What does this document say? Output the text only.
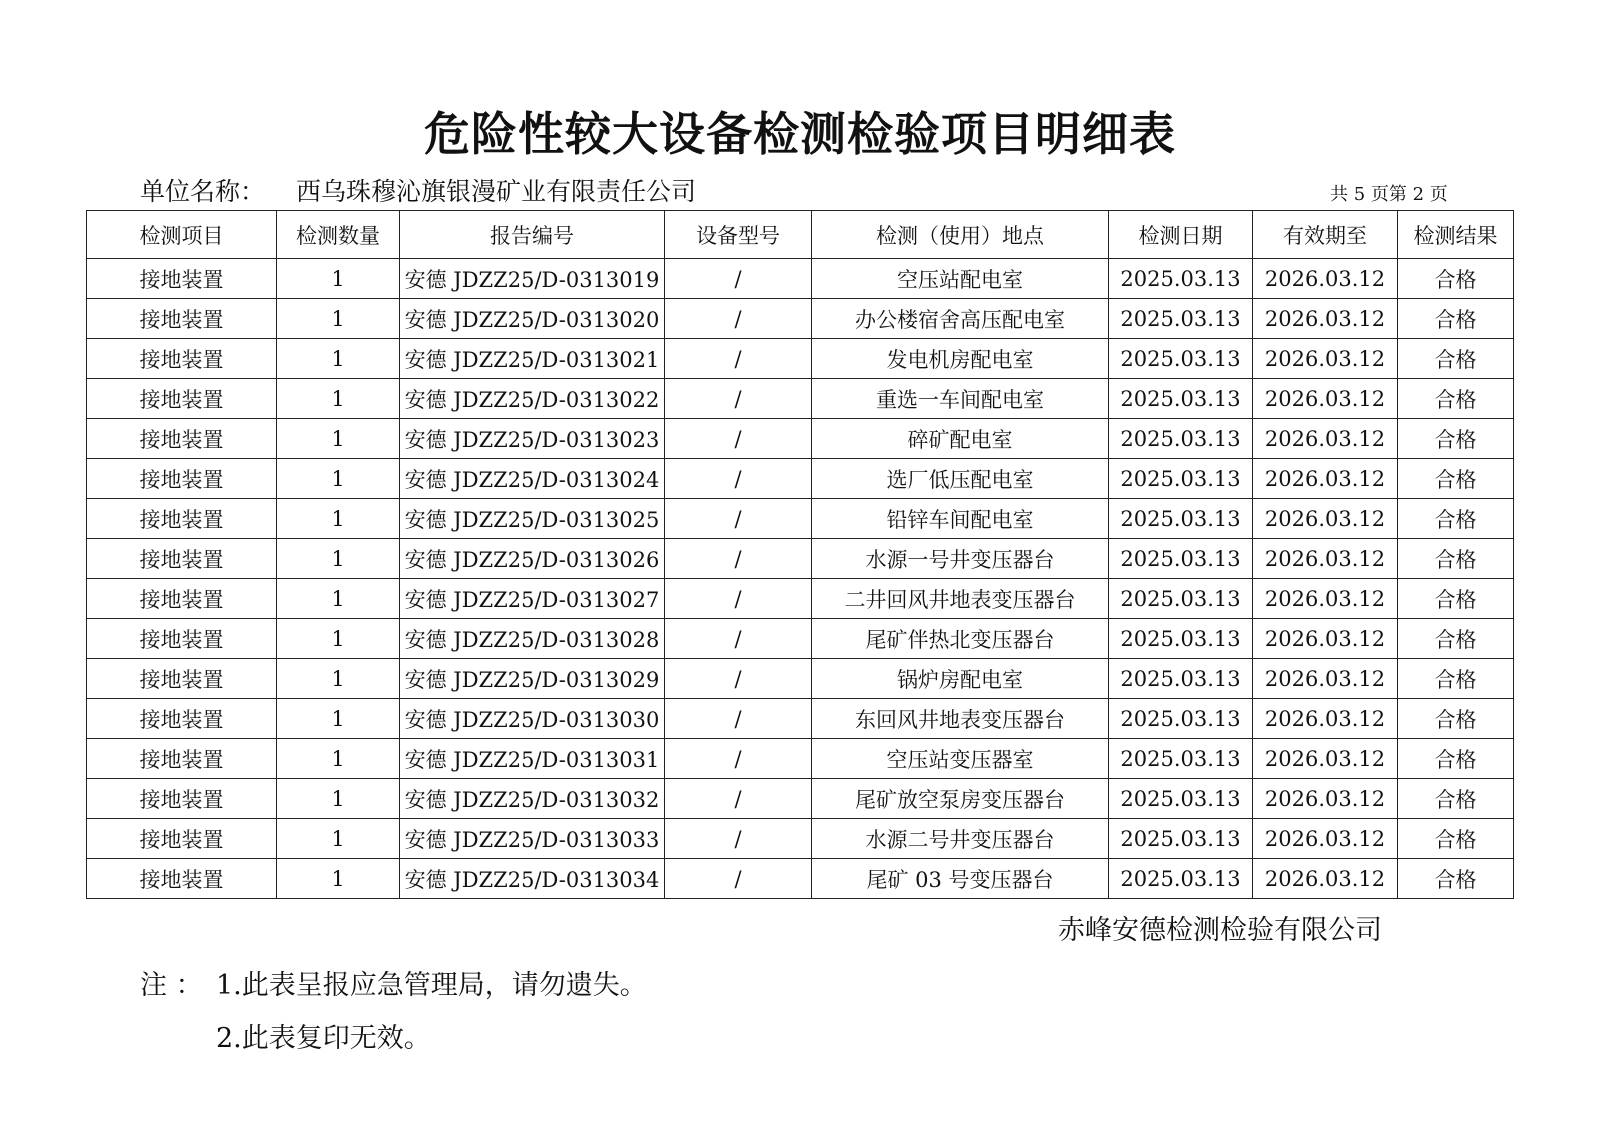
危险性较大设备检测检验项目明细表
单位名称： 西乌珠穆沁旗银漫矿业有限责任公司	共 5 页第 2 页
检测项目	检测数量	报告编号	设备型号	检测（使用）地点	检测日期	有效期至	检测结果
接地装置	1	安德 JDZZ25/D-0313019	/	空压站配电室	2025.03.13	2026.03.12	合格
接地装置	1	安德 JDZZ25/D-0313020	/	办公楼宿舍高压配电室	2025.03.13	2026.03.12	合格
接地装置	1	安德 JDZZ25/D-0313021	/	发电机房配电室	2025.03.13	2026.03.12	合格
接地装置	1	安德 JDZZ25/D-0313022	/	重选一车间配电室	2025.03.13	2026.03.12	合格
接地装置	1	安德 JDZZ25/D-0313023	/	碎矿配电室	2025.03.13	2026.03.12	合格
接地装置	1	安德 JDZZ25/D-0313024	/	选厂低压配电室	2025.03.13	2026.03.12	合格
接地装置	1	安德 JDZZ25/D-0313025	/	铅锌车间配电室	2025.03.13	2026.03.12	合格
接地装置	1	安德 JDZZ25/D-0313026	/	水源一号井变压器台	2025.03.13	2026.03.12	合格
接地装置	1	安德 JDZZ25/D-0313027	/	二井回风井地表变压器台	2025.03.13	2026.03.12	合格
接地装置	1	安德 JDZZ25/D-0313028	/	尾矿伴热北变压器台	2025.03.13	2026.03.12	合格
接地装置	1	安德 JDZZ25/D-0313029	/	锅炉房配电室	2025.03.13	2026.03.12	合格
接地装置	1	安德 JDZZ25/D-0313030	/	东回风井地表变压器台	2025.03.13	2026.03.12	合格
接地装置	1	安德 JDZZ25/D-0313031	/	空压站变压器室	2025.03.13	2026.03.12	合格
接地装置	1	安德 JDZZ25/D-0313032	/	尾矿放空泵房变压器台	2025.03.13	2026.03.12	合格
接地装置	1	安德 JDZZ25/D-0313033	/	水源二号井变压器台	2025.03.13	2026.03.12	合格
接地装置	1	安德 JDZZ25/D-0313034	/	尾矿 03 号变压器台	2025.03.13	2026.03.12	合格
赤峰安德检测检验有限公司
注 ： 1.此表呈报应急管理局，请勿遗失。
2.此表复印无效。
